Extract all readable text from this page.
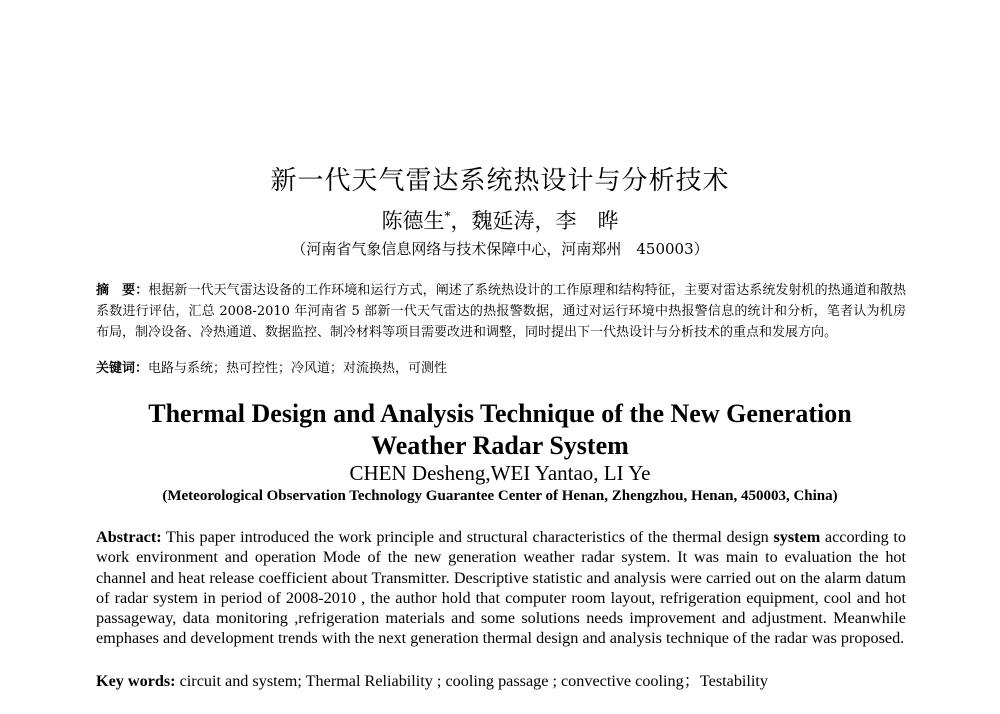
新一代天气雷达系统热设计与分析技术
陈德生*，魏延涛，李　晔
（河南省气象信息网络与技术保障中心，河南郑州　450003）
摘　要：根据新一代天气雷达设备的工作环境和运行方式，阐述了系统热设计的工作原理和结构特征，主要对雷达系统发射机的热通道和散热系数进行评估，汇总 2008-2010 年河南省 5 部新一代天气雷达的热报警数据，通过对运行环境中热报警信息的统计和分析，笔者认为机房布局，制冷设备、冷热通道、数据监控、制冷材料等项目需要改进和调整，同时提出下一代热设计与分析技术的重点和发展方向。
关键词：电路与系统；热可控性；冷风道；对流换热，可测性
Thermal Design and Analysis Technique of the New Generation
Weather Radar System
CHEN Desheng,WEI Yantao, LI Ye
(Meteorological Observation Technology Guarantee Center of Henan, Zhengzhou, Henan, 450003, China)
Abstract: This paper introduced the work principle and structural characteristics of the thermal design system according to work environment and operation Mode of the new generation weather radar system. It was main to evaluation the hot channel and heat release coefficient about Transmitter. Descriptive statistic and analysis were carried out on the alarm datum of radar system in period of 2008-2010 , the author hold that computer room layout, refrigeration equipment, cool and hot passageway, data monitoring ,refrigeration materials and some solutions needs improvement and adjustment. Meanwhile emphases and development trends with the next generation thermal design and analysis technique of the radar was proposed.
Key words: circuit and system; Thermal Reliability ; cooling passage ; convective cooling；Testability
